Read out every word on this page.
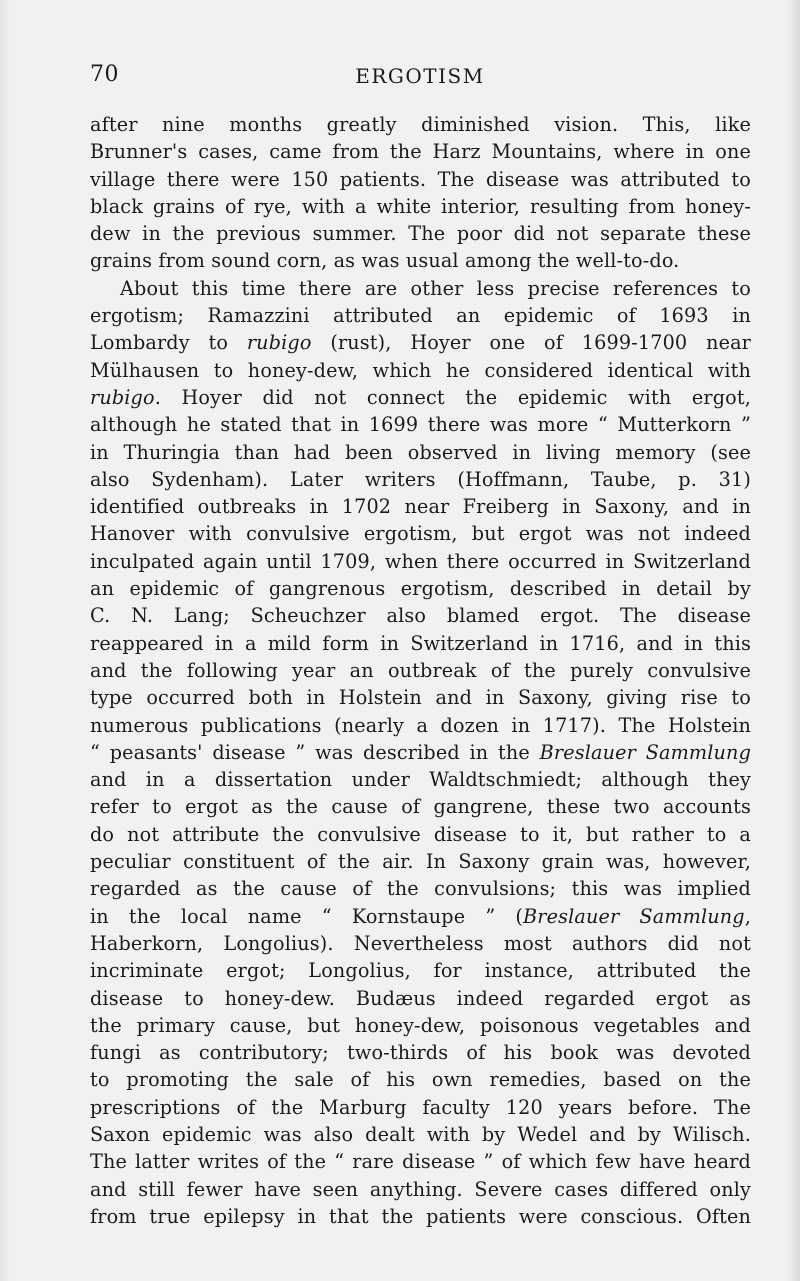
70	ERGOTISM
after nine months greatly diminished vision. This, like
Brunner's cases, came from the Harz Mountains, where in one
village there were 150 patients. The disease was attributed to
black grains of rye, with a white interior, resulting from honey-
dew in the previous summer. The poor did not separate these
grains from sound corn, as was usual among the well-to-do.
About this time there are other less precise references to
ergotism; Ramazzini attributed an epidemic of 1693 in
Lombardy to rubigo (rust), Hoyer one of 1699-1700 near
Mülhausen to honey-dew, which he considered identical with
rubigo. Hoyer did not connect the epidemic with ergot,
although he stated that in 1699 there was more “ Mutterkorn ”
in Thuringia than had been observed in living memory (see
also Sydenham). Later writers (Hoffmann, Taube, p. 31)
identified outbreaks in 1702 near Freiberg in Saxony, and in
Hanover with convulsive ergotism, but ergot was not indeed
inculpated again until 1709, when there occurred in Switzerland
an epidemic of gangrenous ergotism, described in detail by
C. N. Lang; Scheuchzer also blamed ergot. The disease
reappeared in a mild form in Switzerland in 1716, and in this
and the following year an outbreak of the purely convulsive
type occurred both in Holstein and in Saxony, giving rise to
numerous publications (nearly a dozen in 1717). The Holstein
“ peasants' disease ” was described in the Breslauer Sammlung
and in a dissertation under Waldtschmiedt; although they
refer to ergot as the cause of gangrene, these two accounts
do not attribute the convulsive disease to it, but rather to a
peculiar constituent of the air. In Saxony grain was, however,
regarded as the cause of the convulsions; this was implied
in the local name “ Kornstaupe ” (Breslauer Sammlung,
Haberkorn, Longolius). Nevertheless most authors did not
incriminate ergot; Longolius, for instance, attributed the
disease to honey-dew. Budæus indeed regarded ergot as
the primary cause, but honey-dew, poisonous vegetables and
fungi as contributory; two-thirds of his book was devoted
to promoting the sale of his own remedies, based on the
prescriptions of the Marburg faculty 120 years before. The
Saxon epidemic was also dealt with by Wedel and by Wilisch.
The latter writes of the “ rare disease ” of which few have heard
and still fewer have seen anything. Severe cases differed only
from true epilepsy in that the patients were conscious. Often
